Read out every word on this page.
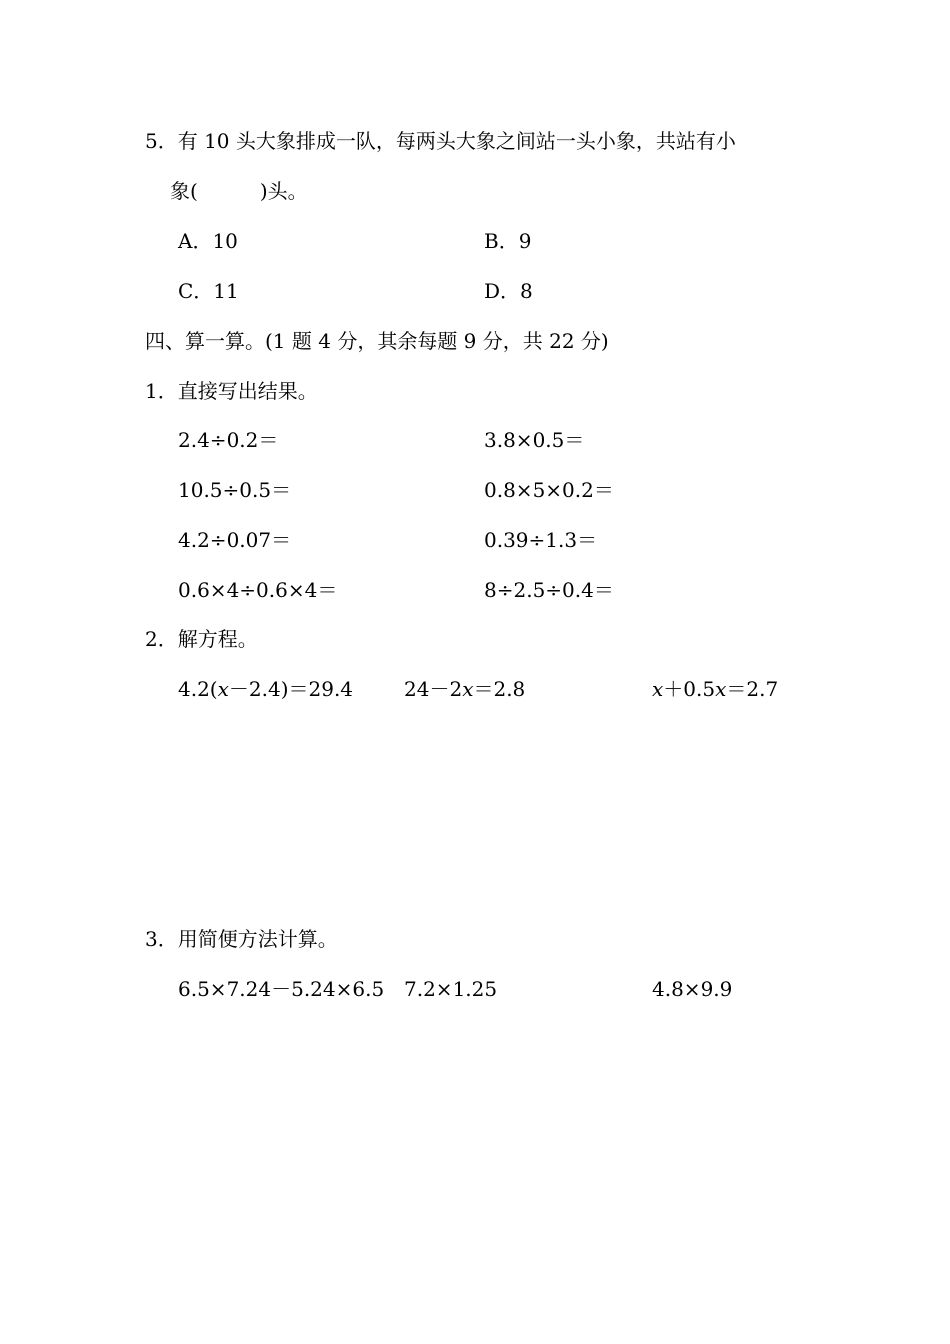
5．有 10 头大象排成一队，每两头大象之间站一头小象，共站有小
象(	)头。
A．10	B．9
C．11	D．8
四、算一算。(1 题 4 分，其余每题 9 分，共 22 分)
1．直接写出结果。
2.4÷0.2＝	3.8×0.5＝
10.5÷0.5＝	0.8×5×0.2＝
4.2÷0.07＝	0.39÷1.3＝
0.6×4÷0.6×4＝	8÷2.5÷0.4＝
2．解方程。
4.2(x－2.4)＝29.4	24－2x＝2.8	x＋0.5x＝2.7
3．用简便方法计算。
6.5×7.24－5.24×6.5 7.2×1.25	4.8×9.9
